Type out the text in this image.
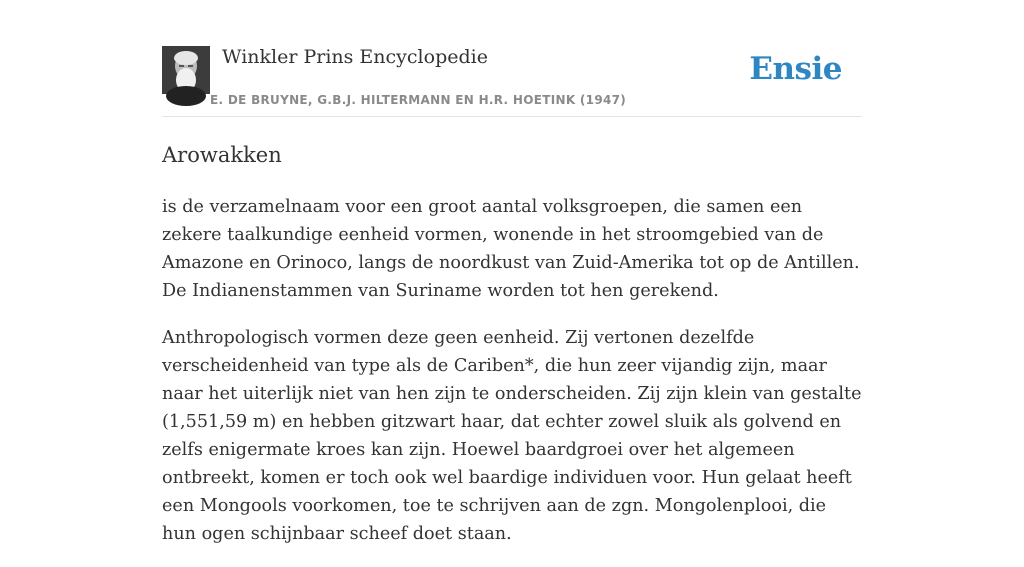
Winkler Prins Encyclopedie
E. DE BRUYNE, G.B.J. HILTERMANN EN H.R. HOETINK (1947)
Ensie
Arowakken

is de verzamelnaam voor een groot aantal volksgroepen, die samen een zekere taalkundige eenheid vormen, wonende in het stroomgebied van de Amazone en Orinoco, langs de noordkust van Zuid-Amerika tot op de Antillen. De Indianenstammen van Suriname worden tot hen gerekend.

Anthropologisch vormen deze geen eenheid. Zij vertonen dezelfde verscheidenheid van type als de Cariben*, die hun zeer vijandig zijn, maar naar het uiterlijk niet van hen zijn te onderscheiden. Zij zijn klein van gestalte (1,551,59 m) en hebben gitzwart haar, dat echter zowel sluik als golvend en zelfs enigermate kroes kan zijn. Hoewel baardgroei over het algemeen ontbreekt, komen er toch ook wel baardige individuen voor. Hun gelaat heeft een Mongools voorkomen, toe te schrijven aan de zgn. Mongolenplooi, die hun ogen schijnbaar scheef doet staan.
